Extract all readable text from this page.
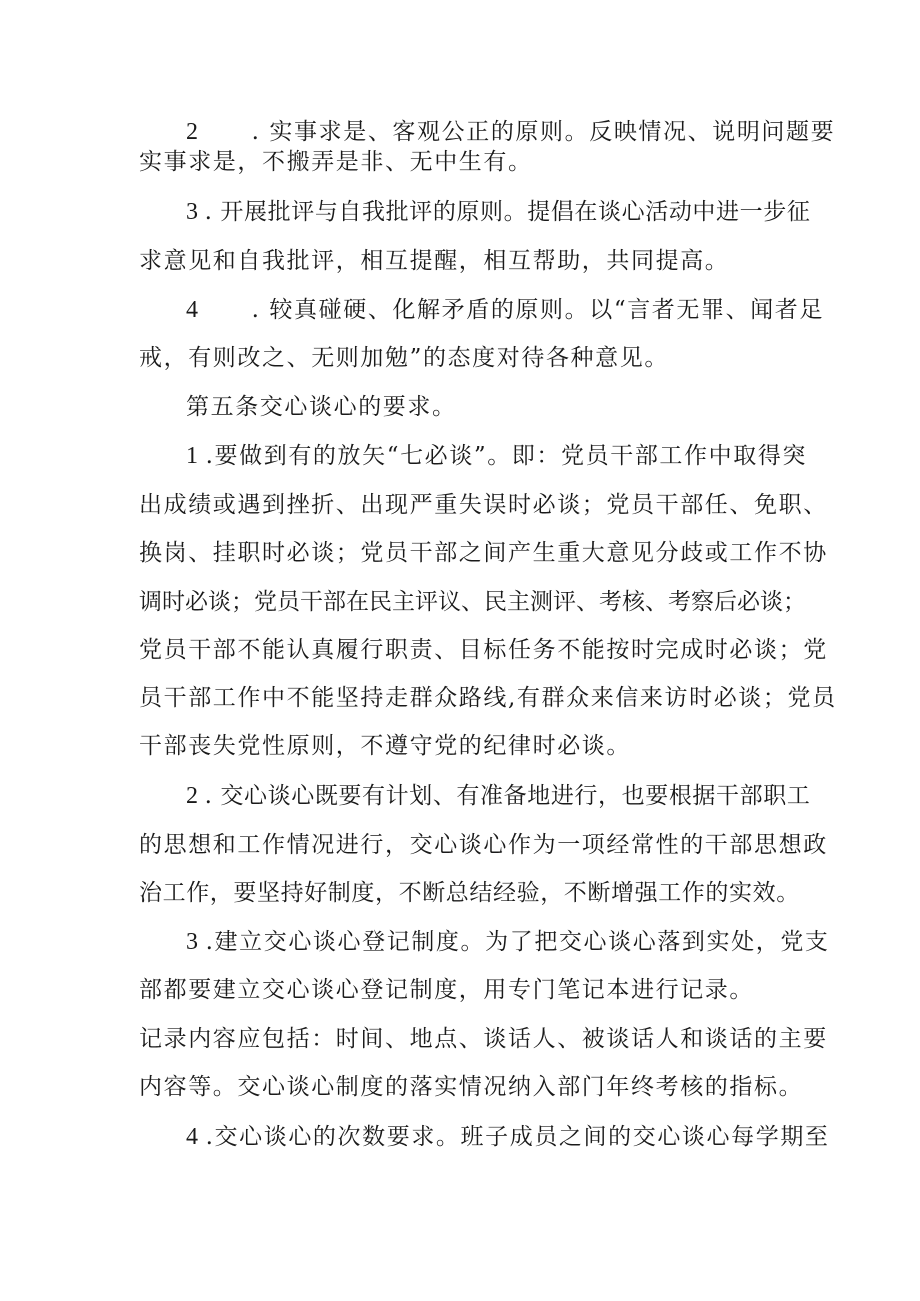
2 . 实事求是、客观公正的原则。反映情况、说明问题要
实事求是，不搬弄是非、无中生有。
3 . 开展批评与自我批评的原则。提倡在谈心活动中进一步征
求意见和自我批评，相互提醒，相互帮助，共同提高。
4 . 较真碰硬、化解矛盾的原则。以“言者无罪、闻者足
戒，有则改之、无则加勉”的态度对待各种意见。
第五条交心谈心的要求。
1 .要做到有的放矢“七必谈”。即：党员干部工作中取得突
出成绩或遇到挫折、出现严重失误时必谈；党员干部任、免职、
换岗、挂职时必谈；党员干部之间产生重大意见分歧或工作不协
调时必谈；党员干部在民主评议、民主测评、考核、考察后必谈；
党员干部不能认真履行职责、目标任务不能按时完成时必谈；党
员干部工作中不能坚持走群众路线,有群众来信来访时必谈；党员
干部丧失党性原则，不遵守党的纪律时必谈。
2 . 交心谈心既要有计划、有准备地进行，也要根据干部职工
的思想和工作情况进行，交心谈心作为一项经常性的干部思想政
治工作，要坚持好制度，不断总结经验，不断增强工作的实效。
3 .建立交心谈心登记制度。为了把交心谈心落到实处，党支
部都要建立交心谈心登记制度，用专门笔记本进行记录。
记录内容应包括：时间、地点、谈话人、被谈话人和谈话的主要
内容等。交心谈心制度的落实情况纳入部门年终考核的指标。
4 .交心谈心的次数要求。班子成员之间的交心谈心每学期至
